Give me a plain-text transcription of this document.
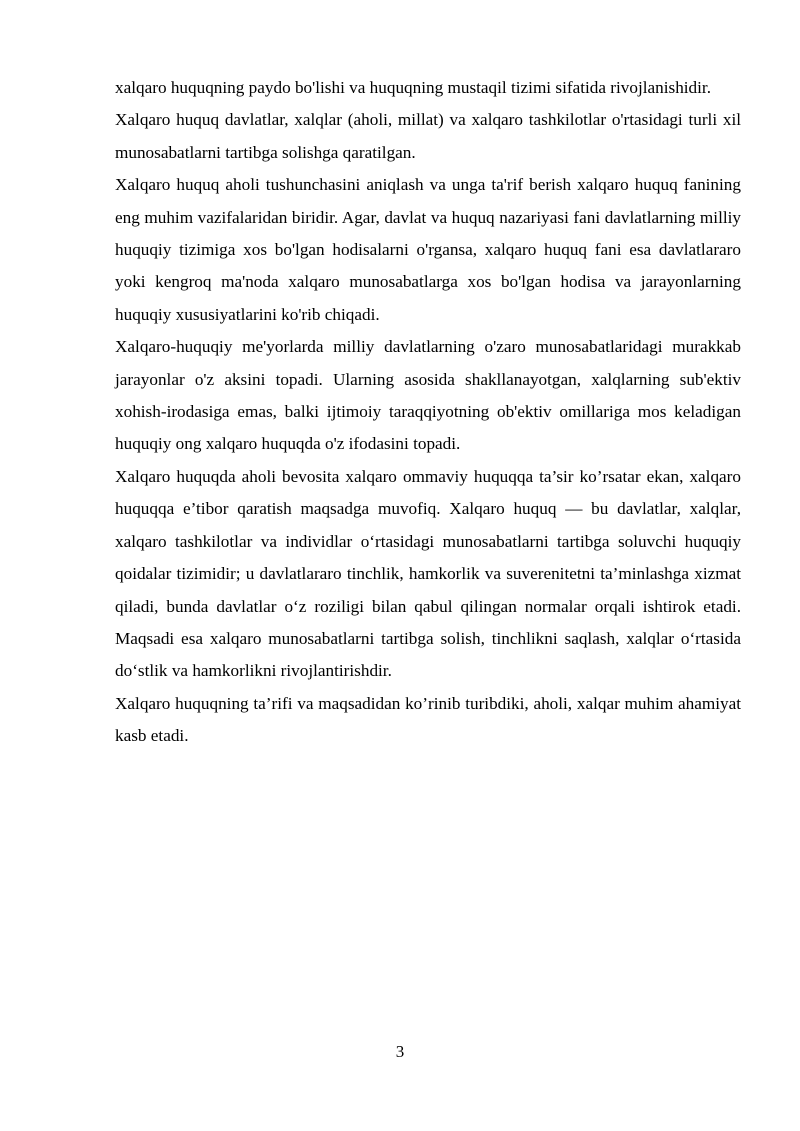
xalqaro huquqning paydo bo'lishi va huquqning mustaqil tizimi sifatida rivojlanishidir.

Xalqaro huquq davlatlar, xalqlar (aholi, millat) va xalqaro tashkilotlar o'rtasidagi turli xil munosabatlarni tartibga solishga qaratilgan.

Xalqaro huquq aholi tushunchasini aniqlash va unga ta'rif berish xalqaro huquq fanining eng muhim vazifalaridan biridir. Agar, davlat va huquq nazariyasi fani davlatlarning milliy huquqiy tizimiga xos bo'lgan hodisalarni o'rgansa, xalqaro huquq fani esa davlatlararo yoki kengroq ma'noda xalqaro munosabatlarga xos bo'lgan hodisa va jarayonlarning huquqiy xususiyatlarini ko'rib chiqadi.

Xalqaro-huquqiy me'yorlarda milliy davlatlarning o'zaro munosabatlaridagi murakkab jarayonlar o'z aksini topadi. Ularning asosida shakllanayotgan, xalqlarning sub'ektiv xohish-irodasiga emas, balki ijtimoiy taraqqiyotning ob'ektiv omillariga mos keladigan huquqiy ong xalqaro huquqda o'z ifodasini topadi.

Xalqaro huquqda aholi bevosita xalqaro ommaviy huquqqa ta’sir ko’rsatar ekan, xalqaro huquqqa e’tibor qaratish maqsadga muvofiq. Xalqaro huquq — bu davlatlar, xalqlar, xalqaro tashkilotlar va individlar o‘rtasidagi munosabatlarni tartibga soluvchi huquqiy qoidalar tizimidir; u davlatlararo tinchlik, hamkorlik va suverenitetni ta’minlashga xizmat qiladi, bunda davlatlar o‘z roziligi bilan qabul qilingan normalar orqali ishtirok etadi. Maqsadi esa xalqaro munosabatlarni tartibga solish, tinchlikni saqlash, xalqlar o‘rtasida do‘stlik va hamkorlikni rivojlantirishdir.

Xalqaro huquqning ta’rifi va maqsadidan ko’rinib turibdiki, aholi, xalqar muhim ahamiyat kasb etadi.

3
